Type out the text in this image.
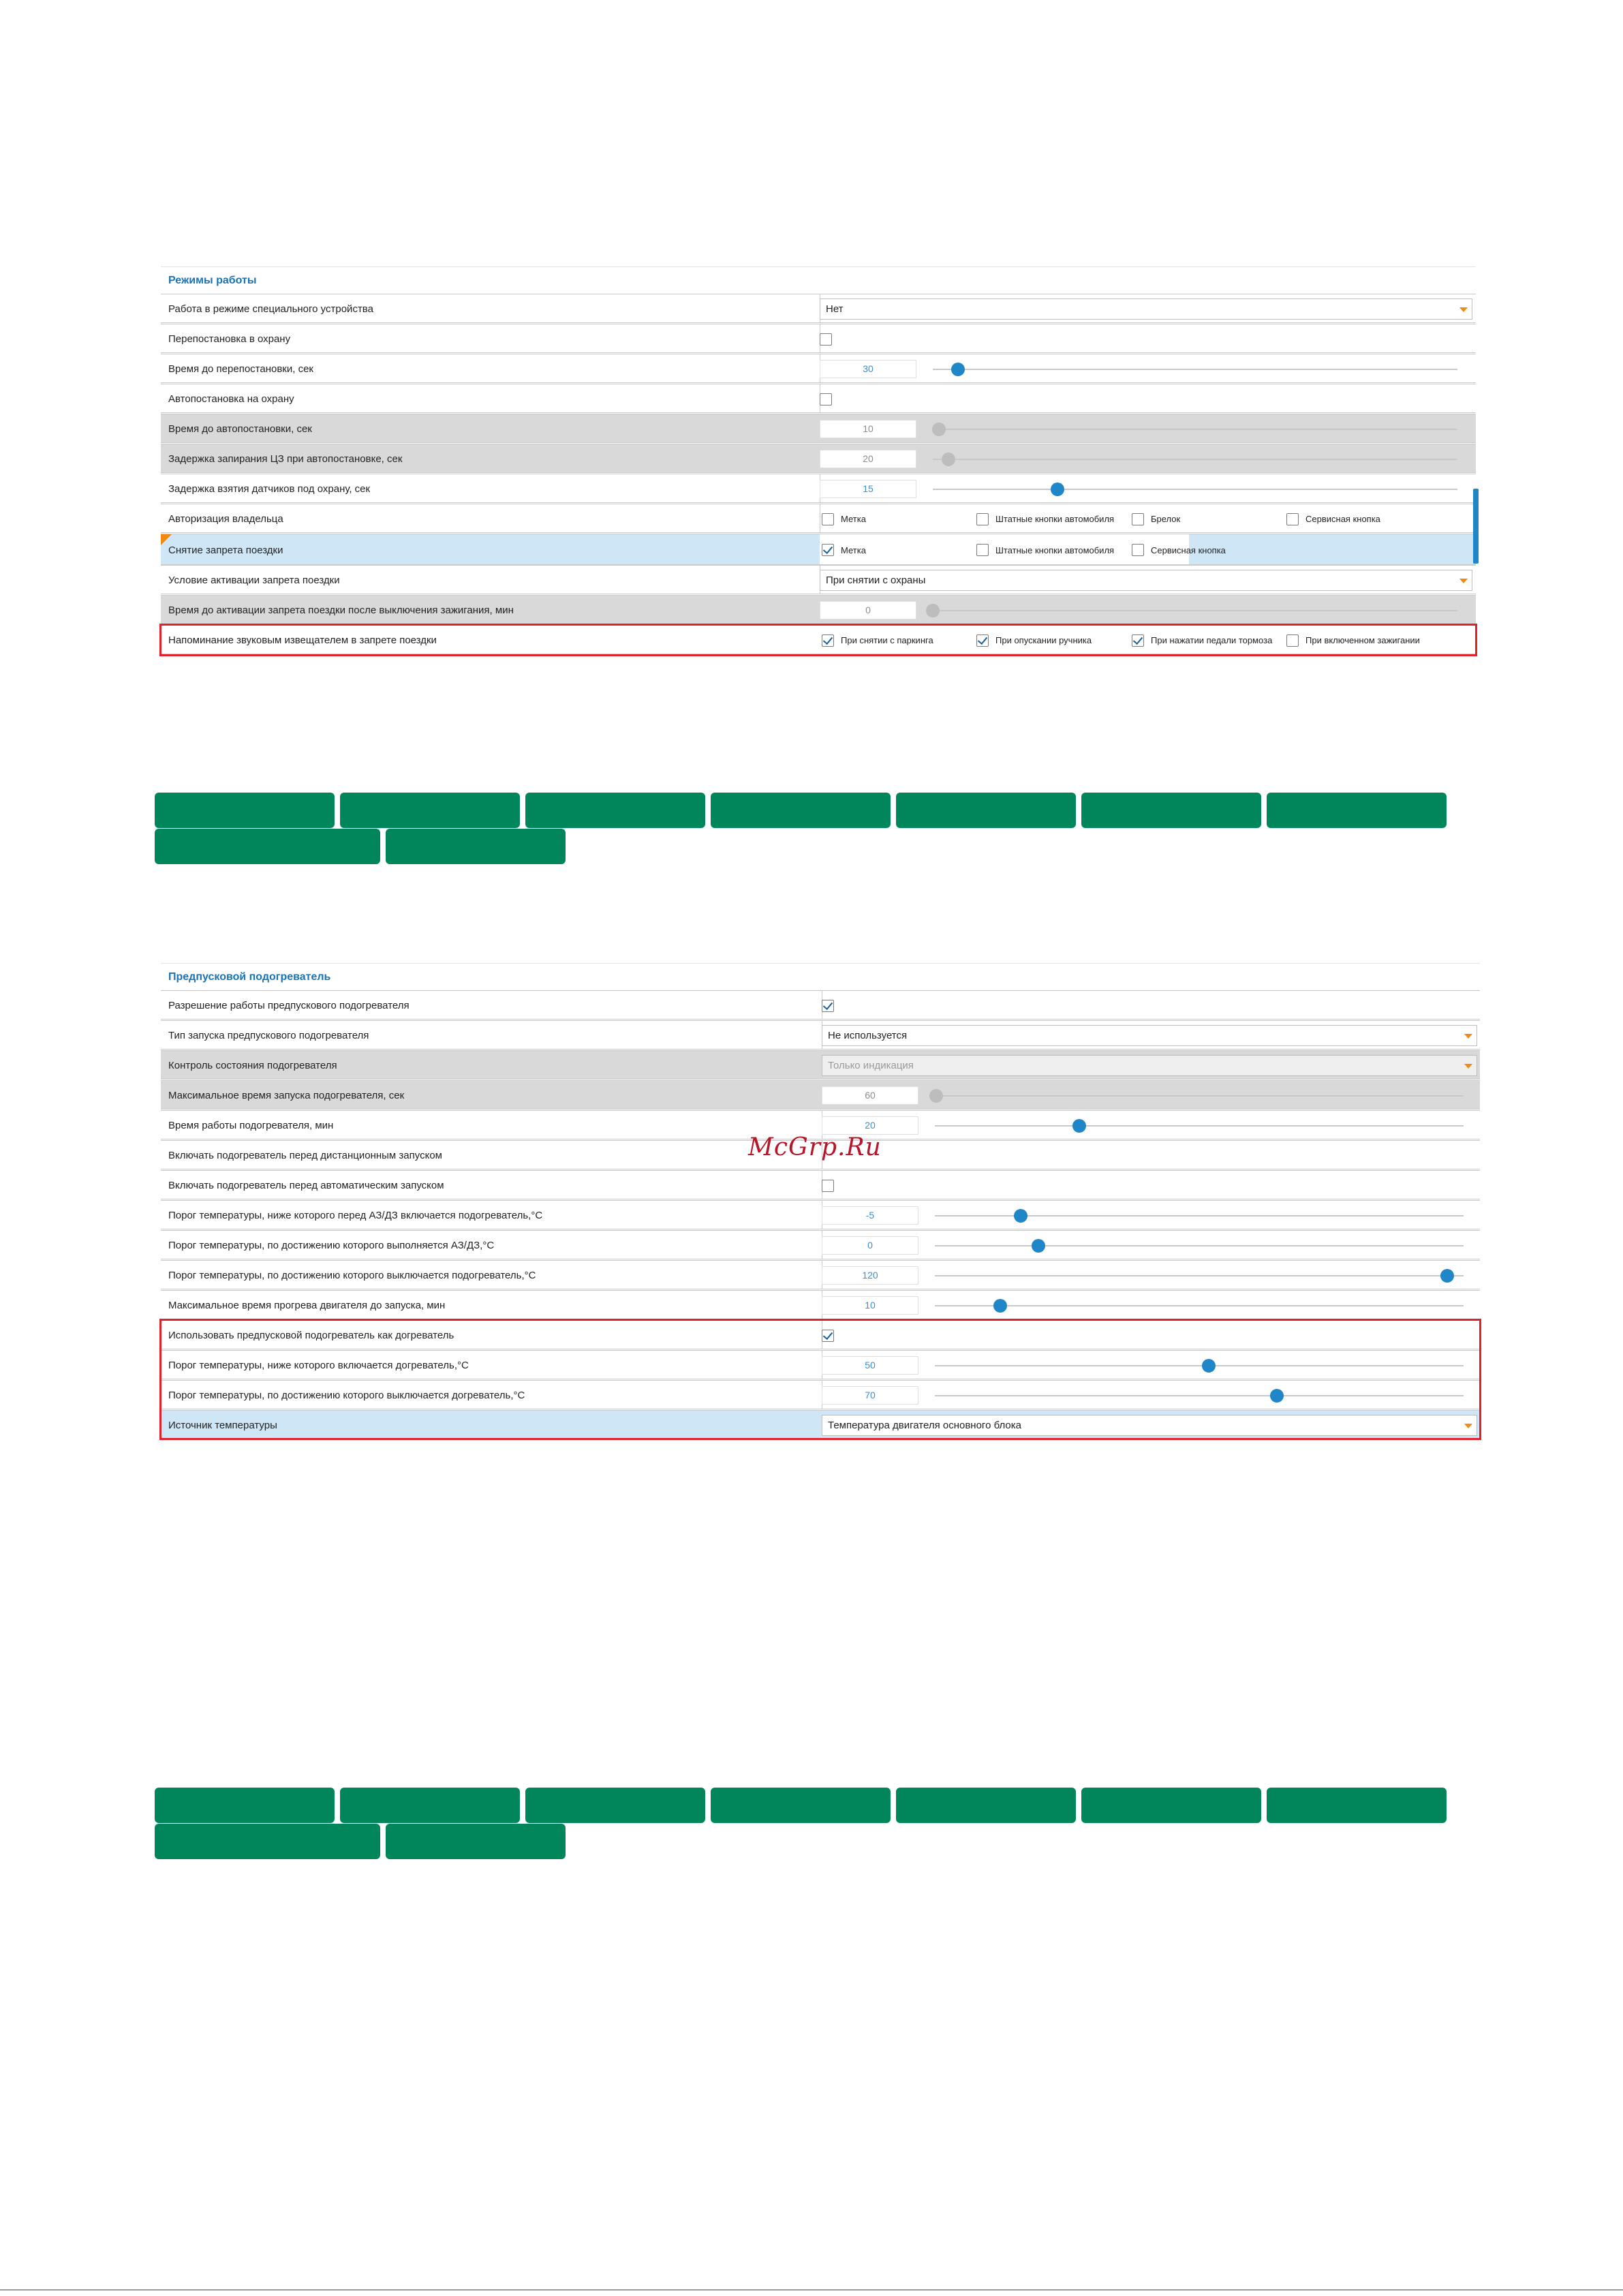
Режимы работы
Работа в режиме специального устройства	Нет
Перепостановка в охрану
Время до перепостановки, сек	30
Автопостановка на охрану
Время до автопостановки, сек	10
Задержка запирания ЦЗ при автопостановке, сек	20
Задержка взятия датчиков под охрану, сек	15
Авторизация владельца	Метка	Штатные кнопки автомобиля	Брелок	Сервисная кнопка
Снятие запрета поездки	Метка	Штатные кнопки автомобиля	Сервисная кнопка
Условие активации запрета поездки	При снятии с охраны
Время до активации запрета поездки после выключения зажигания, мин	0
Напоминание звуковым извещателем в запрете поездки	При снятии с паркинга	При опускании ручника	При нажатии педали тормоза	При включенном зажигании
Предпусковой подогреватель
Разрешение работы предпускового подогревателя
Тип запуска предпускового подогревателя	Не используется
Контроль состояния подогревателя	Только индикация
Максимальное время запуска подогревателя, сек	60
Время работы подогревателя, мин	20
Включать подогреватель перед дистанционным запуском
Включать подогреватель перед автоматическим запуском
Порог температуры, ниже которого перед АЗ/ДЗ включается подогреватель,°С	-5
Порог температуры, по достижению которого выполняется АЗ/ДЗ,°С	0
Порог температуры, по достижению которого выключается подогреватель,°С	120
Максимальное время прогрева двигателя до запуска, мин	10
Использовать предпусковой подогреватель как догреватель
Порог температуры, ниже которого включается догреватель,°С	50
Порог температуры, по достижению которого выключается догреватель,°С	70
Источник температуры	Температура двигателя основного блока
McGrp.Ru
